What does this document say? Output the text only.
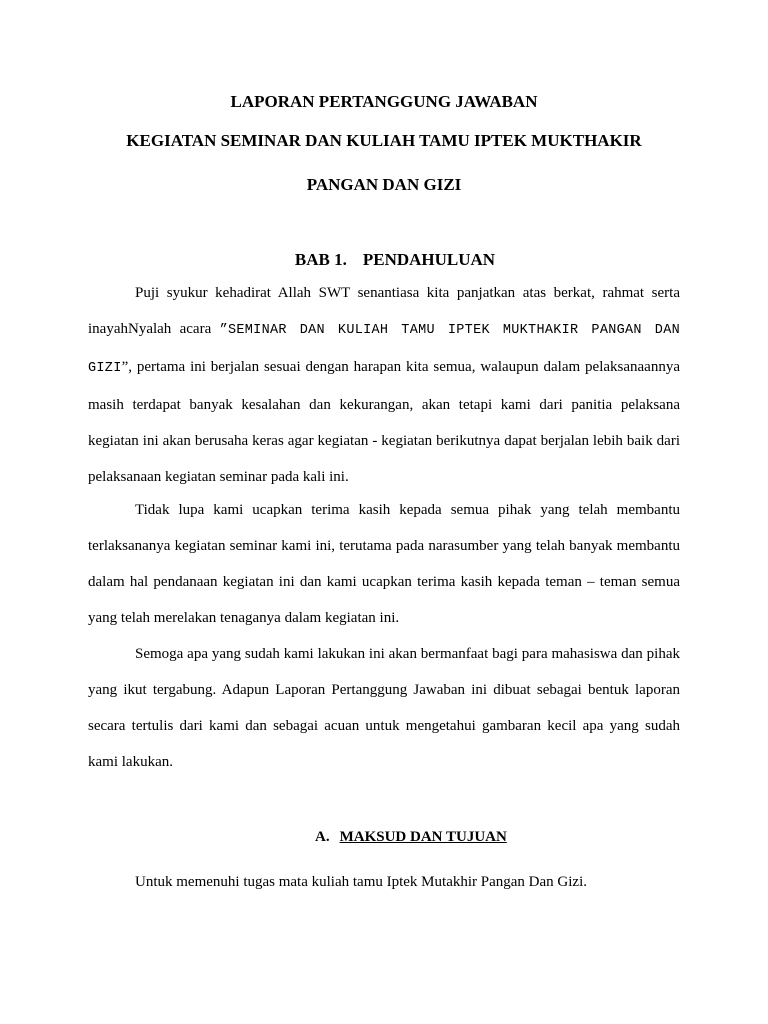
LAPORAN PERTANGGUNG JAWABAN
KEGIATAN SEMINAR DAN KULIAH TAMU IPTEK MUKTHAKIR
PANGAN DAN GIZI
BAB 1. PENDAHULUAN

Puji syukur kehadirat Allah SWT senantiasa kita panjatkan atas berkat, rahmat serta inayahNyalah acara ”SEMINAR DAN KULIAH TAMU IPTEK MUKTHAKIR PANGAN DAN GIZI”, pertama ini berjalan sesuai dengan harapan kita semua, walaupun dalam pelaksanaannya masih terdapat banyak kesalahan dan kekurangan, akan tetapi kami dari panitia pelaksana kegiatan ini akan berusaha keras agar kegiatan - kegiatan berikutnya dapat berjalan lebih baik dari pelaksanaan kegiatan seminar pada kali ini.

Tidak lupa kami ucapkan terima kasih kepada semua pihak yang telah membantu terlaksananya kegiatan seminar kami ini, terutama pada narasumber yang telah banyak membantu dalam hal pendanaan kegiatan ini dan kami ucapkan terima kasih kepada teman – teman semua yang telah merelakan tenaganya dalam kegiatan ini.

Semoga apa yang sudah kami lakukan ini akan bermanfaat bagi para mahasiswa dan pihak yang ikut tergabung. Adapun Laporan Pertanggung Jawaban ini dibuat sebagai bentuk laporan secara tertulis dari kami dan sebagai acuan untuk mengetahui gambaran kecil apa yang sudah kami lakukan.

A. MAKSUD DAN TUJUAN

Untuk memenuhi tugas mata kuliah tamu Iptek Mutakhir Pangan Dan Gizi.
